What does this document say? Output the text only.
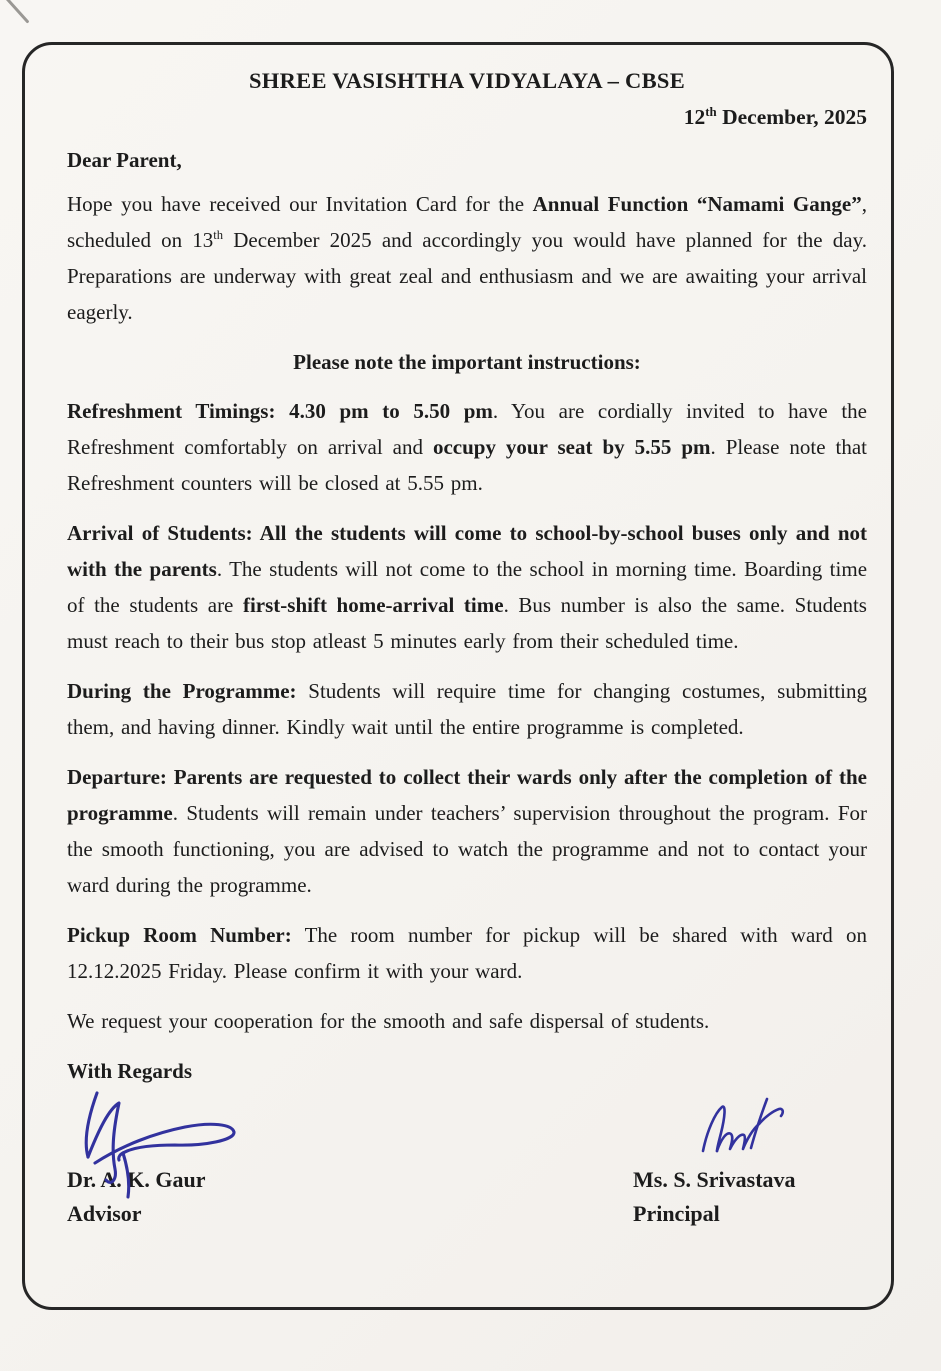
SHREE VASISHTHA VIDYALAYA – CBSE
12th December, 2025

Dear Parent,

Hope you have received our Invitation Card for the Annual Function “Namami Gange”, scheduled on 13th December 2025 and accordingly you would have planned for the day. Preparations are underway with great zeal and enthusiasm and we are awaiting your arrival eagerly.

Please note the important instructions:

Refreshment Timings: 4.30 pm to 5.50 pm. You are cordially invited to have the Refreshment comfortably on arrival and occupy your seat by 5.55 pm. Please note that Refreshment counters will be closed at 5.55 pm.

Arrival of Students: All the students will come to school-by-school buses only and not with the parents. The students will not come to the school in morning time. Boarding time of the students are first-shift home-arrival time. Bus number is also the same. Students must reach to their bus stop atleast 5 minutes early from their scheduled time.

During the Programme: Students will require time for changing costumes, submitting them, and having dinner. Kindly wait until the entire programme is completed.

Departure: Parents are requested to collect their wards only after the completion of the programme. Students will remain under teachers’ supervision throughout the program. For the smooth functioning, you are advised to watch the programme and not to contact your ward during the programme.

Pickup Room Number: The room number for pickup will be shared with ward on 12.12.2025 Friday. Please confirm it with your ward.

We request your cooperation for the smooth and safe dispersal of students.

With Regards

Dr. A. K. Gaur
Advisor
Ms. S. Srivastava
Principal
